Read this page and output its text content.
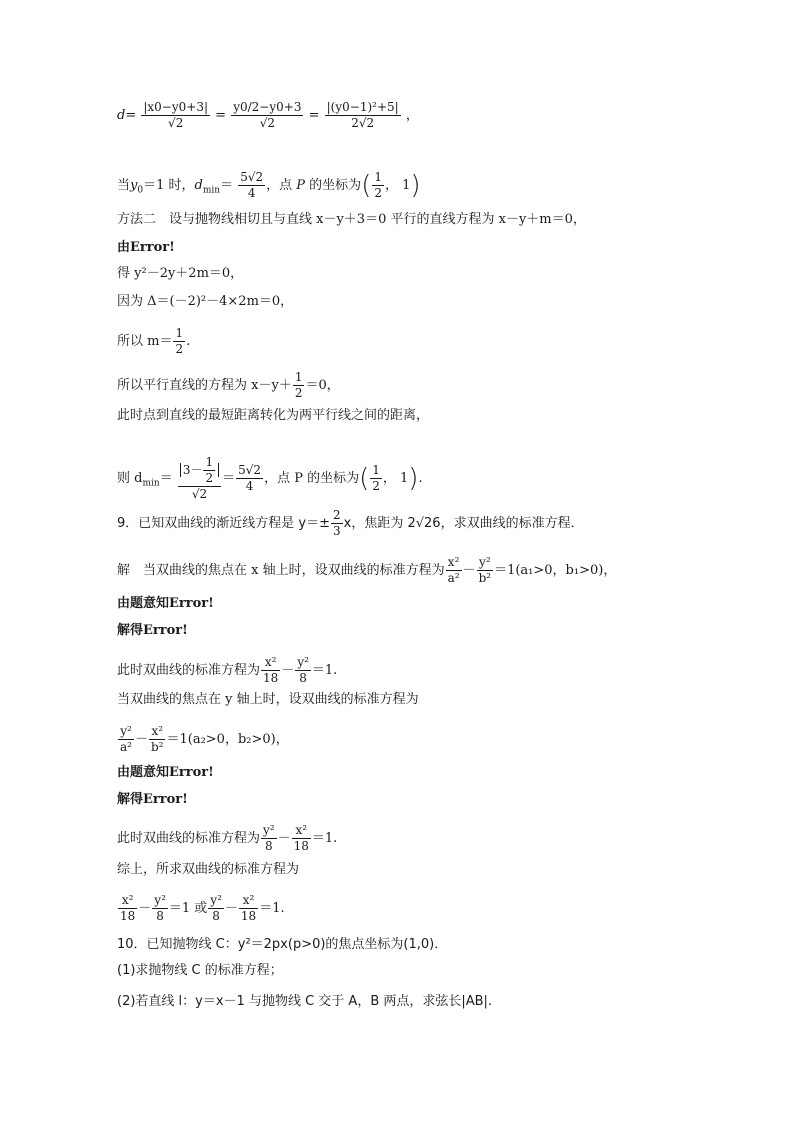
$d= \frac{|x0-y0+3|}{√2} = \frac{y0/2-y0+3}{√2} = \frac{\text{|(y0−1)²+5|}}{2√2}$ ，
当$y_0=1$ 时，$d_{min}= \frac{5√2}{4}$ ，点 P 的坐标为( $\frac{1}{2}$ ， 1)
方法二　设与抛物线相切且与直线 x－y＋3＝0 平行的直线方程为 x－y＋m＝0，
由Error!
得 y²－2y＋2m＝0，
因为 Δ＝(－2)²－4×2m＝0，
所以 $m= \frac{1}{2}$ .
所以平行直线的方程为 $x-y+ \frac{1}{2} =0$，
此时点到直线的最短距离转化为两平行线之间的距离，
则 $d_{min}= \frac{3- \frac{1}{2}}{√2} = \frac{5√2}{4}$ ，点 P 的坐标为( $\frac{1}{2}$ ， 1).
9．已知双曲线的渐近线方程是 $y=\pm \frac{2}{3}$ x，焦距为 2√26，求双曲线的标准方程．
解　当双曲线的焦点在 x 轴上时，设双曲线的标准方程为 $\frac{\text{x²}}{\text{a²}} - \frac{\text{y²}}{\text{b²}} =1(a_1>0$，b₁>0)，
由题意知Error!
解得Error!
此时双曲线的标准方程为 $\frac{\text{x²}}{18} - \frac{\text{y²}}{8} =1$.
当双曲线的焦点在 y 轴上时，设双曲线的标准方程为
$\frac{\text{y²}}{\text{a²}} - \frac{\text{x²}}{\text{b²}} =1(a_2>0$，b₂>0)，
由题意知Error!
解得Error!
此时双曲线的标准方程为 $\frac{\text{y²}}{8} - \frac{\text{x²}}{18} =1$.
综上，所求双曲线的标准方程为
$\frac{\text{x²}}{18} - \frac{\text{y²}}{8} =1$ 或 $\frac{\text{y²}}{8} - \frac{\text{x²}}{18} =1$.
10．已知抛物线 C：y²＝2px(p>0)的焦点坐标为(1,0)．
(1)求抛物线 C 的标准方程；
(2)若直线 l：y＝x－1 与抛物线 C 交于 A，B 两点，求弦长|AB|.
